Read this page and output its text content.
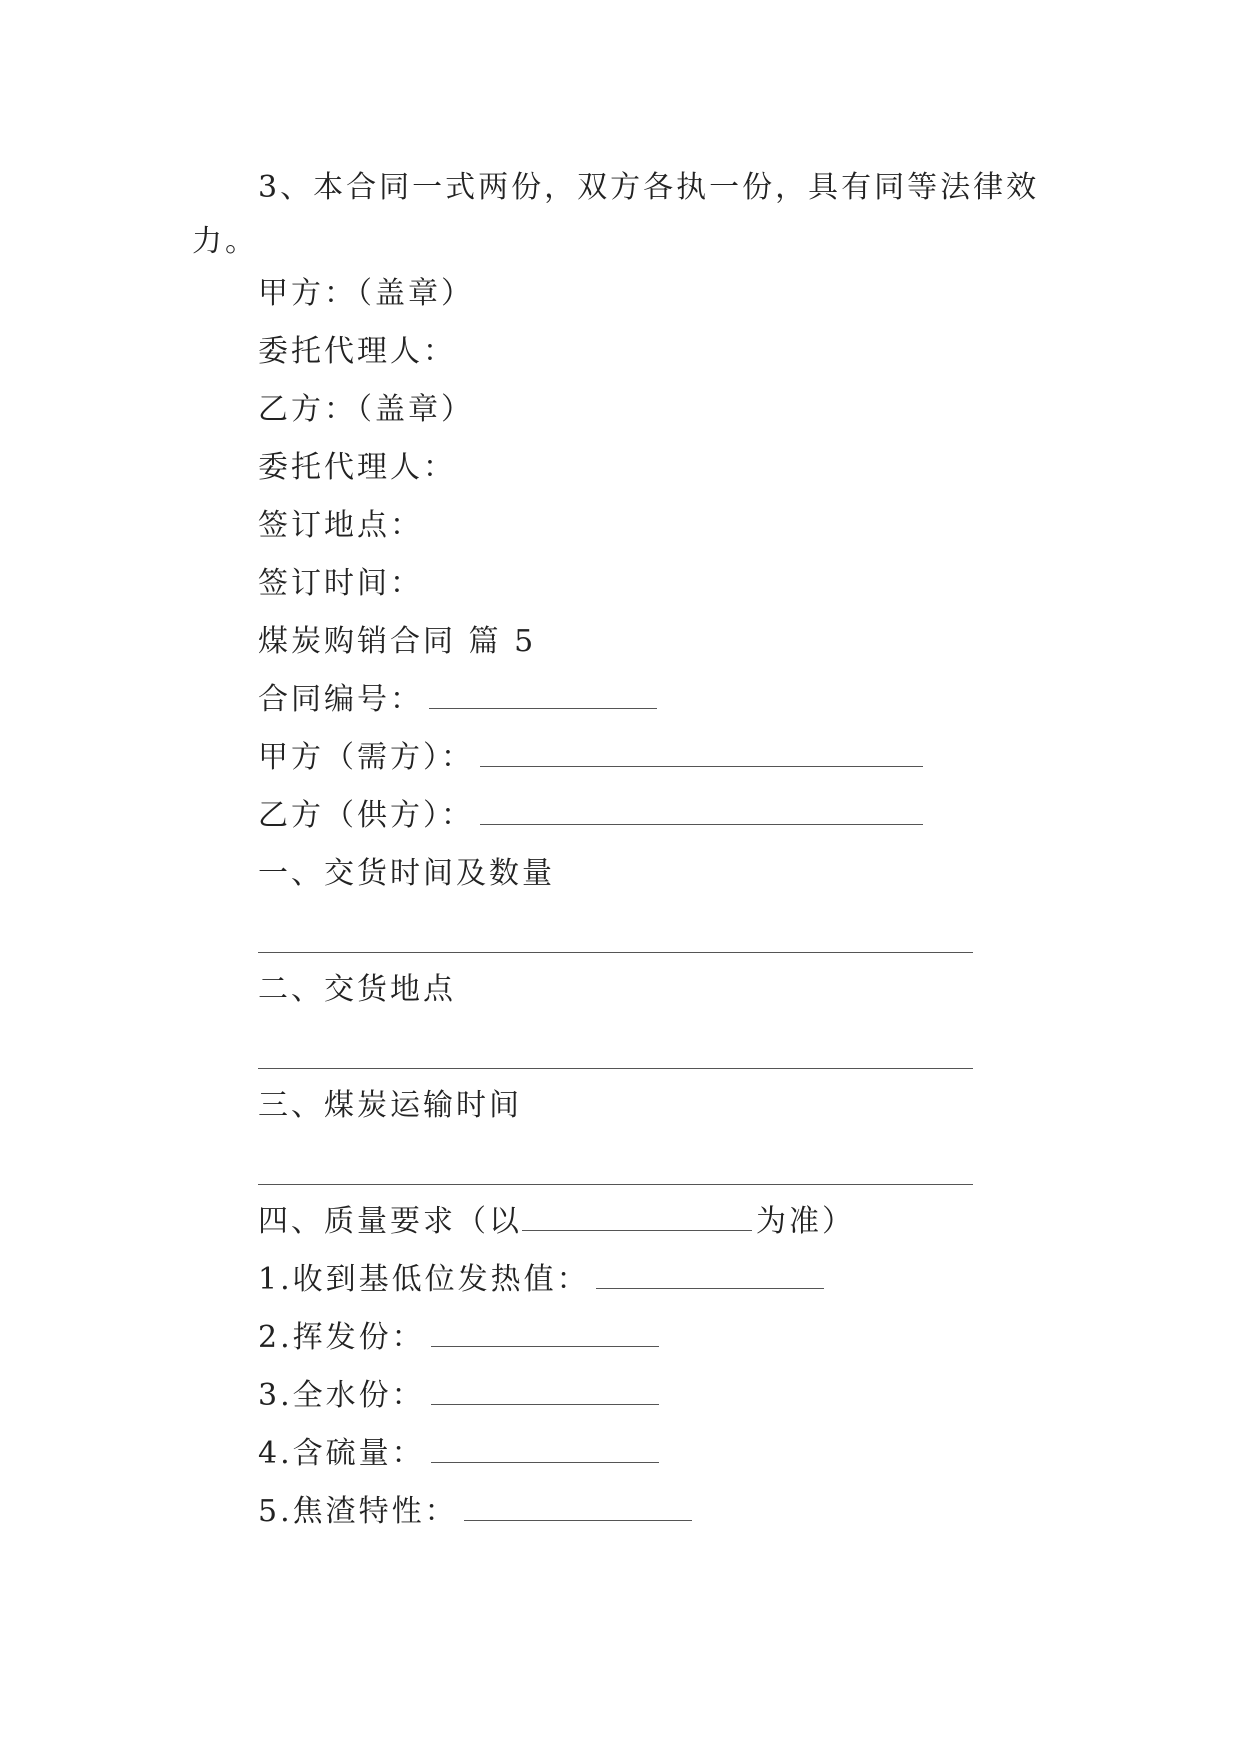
3、本合同一式两份，双方各执一份，具有同等法律效
力。
甲方：（盖章）
委托代理人：
乙方：（盖章）
委托代理人：
签订地点：
签订时间：
煤炭购销合同 篇 5
合同编号：
甲方（需方）：
乙方（供方）：
一、交货时间及数量
二、交货地点
三、煤炭运输时间
四、质量要求（以	为准）
1.收到基低位发热值：
2.挥发份：
3.全水份：
4.含硫量：
5.焦渣特性：
